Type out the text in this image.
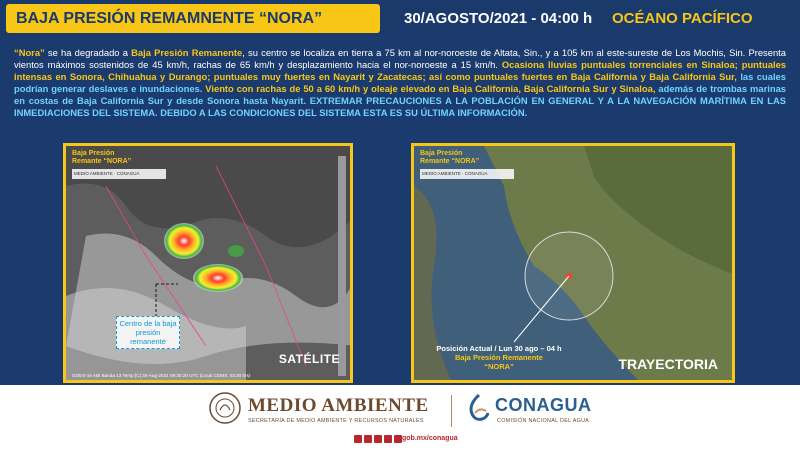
BAJA PRESIÓN REMAMNENTE “NORA”	30/AGOSTO/2021 - 04:00 h OCÉANO PACÍFICO
“Nora” se ha degradado a Baja Presión Remanente, su centro se localiza en tierra a 75 km al nor-noroeste de Altata, Sin., y a 105 km al este-sureste de Los Mochis, Sin. Presenta vientos máximos sostenidos de 45 km/h, rachas de 65 km/h y desplazamiento hacia el nor-noroeste a 15 km/h. Ocasiona lluvias puntuales torrenciales en Sinaloa; puntuales intensas en Sonora, Chihuahua y Durango; puntuales muy fuertes en Nayarit y Zacatecas; así como puntuales fuertes en Baja California y Baja California Sur, las cuales podrían generar deslaves e inundaciones. Viento con rachas de 50 a 60 km/h y oleaje elevado en Baja California, Baja California Sur y Sinaloa, además de trombas marinas en costas de Baja California Sur y desde Sonora hasta Nayarit. EXTREMAR PRECAUCIONES A LA POBLACIÓN EN GENERAL Y A LA NAVEGACIÓN MARÍTIMA EN LAS INMEDIACIONES DEL SISTEMA. DEBIDO A LAS CONDICIONES DEL SISTEMA ESTA ES SU ÚLTIMA INFORMACIÓN.
Baja Presión
Remante “NORA”
MEDIO AMBIENTE · CONAGUA
Centro de la baja presión remanente
SATÉLITE
GOES-16 ABI Banda 13 Temp [C] 30-Aug-2021 09:30:20 UTC (Local CDMX: 03:30 hrs)
Baja Presión
Remante “NORA”
MEDIO AMBIENTE · CONAGUA
Posición Actual / Lun 30 ago – 04 h
Baja Presión Remanente
“NORA”	TRAYECTORIA
MEDIO AMBIENTE
SECRETARÍA DE MEDIO AMBIENTE Y RECURSOS NATURALES
CONAGUA
COMISIÓN NACIONAL DEL AGUA
gob.mx/conagua
